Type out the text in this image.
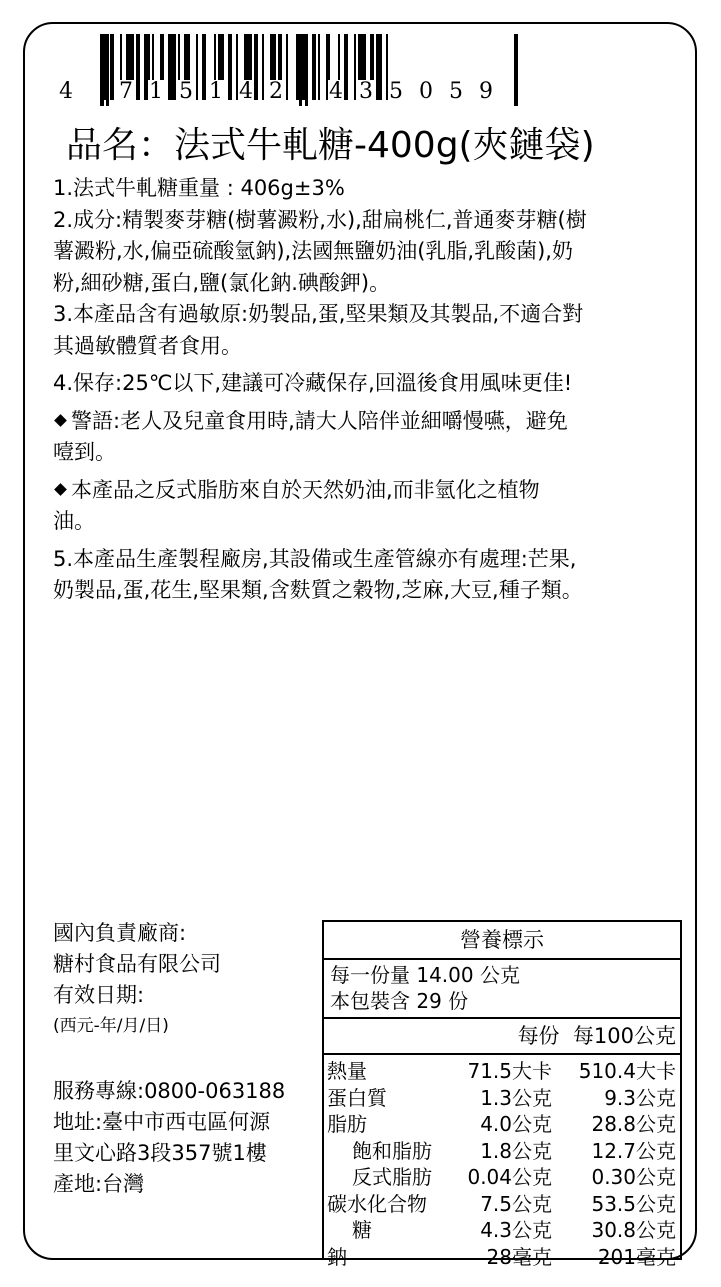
4 7 1 5 1 4 2 4 3 5 0 5 9
品名：法式牛軋糖-400g(夾鏈袋)
1.法式牛軋糖重量 : 406g±3%
2.成分:精製麥芽糖(樹薯澱粉,水),甜扁桃仁,普通麥芽糖(樹
薯澱粉,水,偏亞硫酸氫鈉),法國無鹽奶油(乳脂,乳酸菌),奶
粉,細砂糖,蛋白,鹽(氯化鈉.碘酸鉀)。
3.本產品含有過敏原:奶製品,蛋,堅果類及其製品,不適合對
其過敏體質者食用。
4.保存:25℃以下,建議可冷藏保存,回溫後食用風味更佳!
警語:老人及兒童食用時,請大人陪伴並細嚼慢嚥，避免
噎到。
本產品之反式脂肪來自於天然奶油,而非氫化之植物
油。
5.本產品生產製程廠房,其設備或生產管線亦有處理:芒果,
奶製品,蛋,花生,堅果類,含麩質之穀物,芝麻,大豆,種子類。
國內負責廠商:
糖村食品有限公司
有效日期:
(西元-年/月/日)
服務專線:0800-063188
地址:臺中市西屯區何源
里文心路3段357號1樓
產地:台灣
營養標示
每一份量 14.00 公克
本包裝含 29 份
每份  每100公克
熱量	71.5大卡 510.4大卡
蛋白質	1.3公克	9.3公克
脂肪	4.0公克 28.8公克
飽和脂肪 1.8公克 12.7公克
反式脂肪 0.04公克 0.30公克
碳水化合物	7.5公克 53.5公克
糖	4.3公克 30.8公克
鈉	28毫克 201毫克
